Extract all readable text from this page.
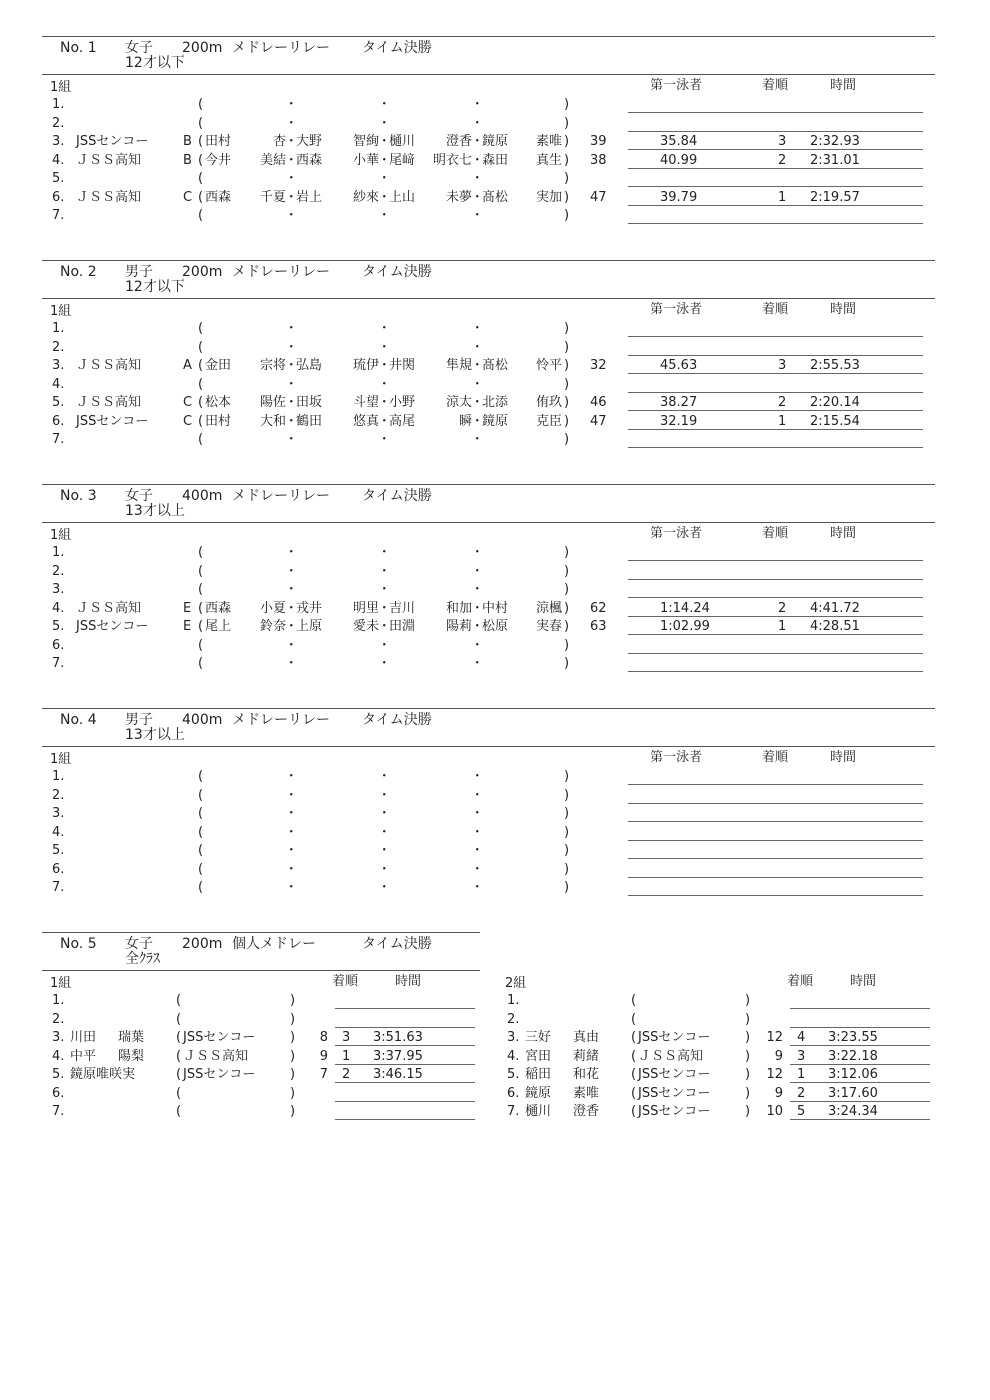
No. 1 女子 200m メドレーリレー タイム決勝
12才以下
1組	第一泳者	着順	時間
1.	(	･	･	･	)
2.	(	･	･	･	)
3. JSSセンコー	B ( 田村	杏 ･ 大野	智絢 ･ 樋川	澄香 ･ 鏡原	素唯 ) 39	35.84	3 2:32.93
4. ＪＳＳ高知	B ( 今井	美結 ･ 西森	小華 ･ 尾﨑	明衣七 ･ 森田	真生 ) 38	40.99	2 2:31.01
5.	(	･	･	･	)
6. ＪＳＳ高知	C ( 西森	千夏 ･ 岩上	紗來 ･ 上山	未夢 ･ 髙松	実加 ) 47	39.79	1 2:19.57
7.	(	･	･	･	)
No. 2 男子 200m メドレーリレー タイム決勝
12才以下
1組	第一泳者	着順	時間
1.	(	･	･	･	)
2.	(	･	･	･	)
3. ＪＳＳ高知	A ( 金田	宗将 ･ 弘島	琉伊 ･ 井関	隼規 ･ 髙松	怜平 ) 32	45.63	3 2:55.53
4.	(	･	･	･	)
5. ＪＳＳ高知	C ( 松本	陽佐 ･ 田坂	斗望 ･ 小野	涼太 ･ 北添	侑玖 ) 46	38.27	2 2:20.14
6. JSSセンコー	C ( 田村	大和 ･ 鶴田	悠真 ･ 高尾	瞬 ･ 鏡原	克臣 ) 47	32.19	1 2:15.54
7.	(	･	･	･	)
No. 3 女子 400m メドレーリレー タイム決勝
13才以上
1組	第一泳者	着順	時間
1.	(	･	･	･	)
2.	(	･	･	･	)
3.	(	･	･	･	)
4. ＪＳＳ高知	E ( 西森	小夏 ･ 戎井	明里 ･ 吉川	和加 ･ 中村	涼楓 ) 62	1:14.24	2 4:41.72
5. JSSセンコー	E ( 尾上	鈴奈 ･ 上原	愛未 ･ 田淵	陽莉 ･ 松原	実春 ) 63	1:02.99	1 4:28.51
6.	(	･	･	･	)
7.	(	･	･	･	)
No. 4 男子 400m メドレーリレー タイム決勝
13才以上
1組	第一泳者	着順	時間
1.	(	･	･	･	)
2.	(	･	･	･	)
3.	(	･	･	･	)
4.	(	･	･	･	)
5.	(	･	･	･	)
6.	(	･	･	･	)
7.	(	･	･	･	)
No. 5 女子 200m 個人メドレー	タイム決勝
全ｸﾗｽ
1組	着順	時間
1.	(	)
2.	(	)
3. 川田 瑞葉 ( JSSセンコー	)	8 3 3:51.63
4. 中平 陽梨 ( ＪＳＳ高知	)	9 1 3:37.95
5. 鏡原唯咲実	( JSSセンコー	)	7 2 3:46.15
6.	(	)
7.	(	)
2組	着順	時間
1.	(	)
2.	(	)
3. 三好 真由 ( JSSセンコー	) 12 4 3:23.55
4. 宮田 莉緒 ( ＪＳＳ高知	)	9 3 3:22.18
5. 稲田 和花 ( JSSセンコー	) 12 1 3:12.06
6. 鏡原 素唯 ( JSSセンコー	)	9 2 3:17.60
7. 樋川 澄香 ( JSSセンコー	) 10 5 3:24.34
